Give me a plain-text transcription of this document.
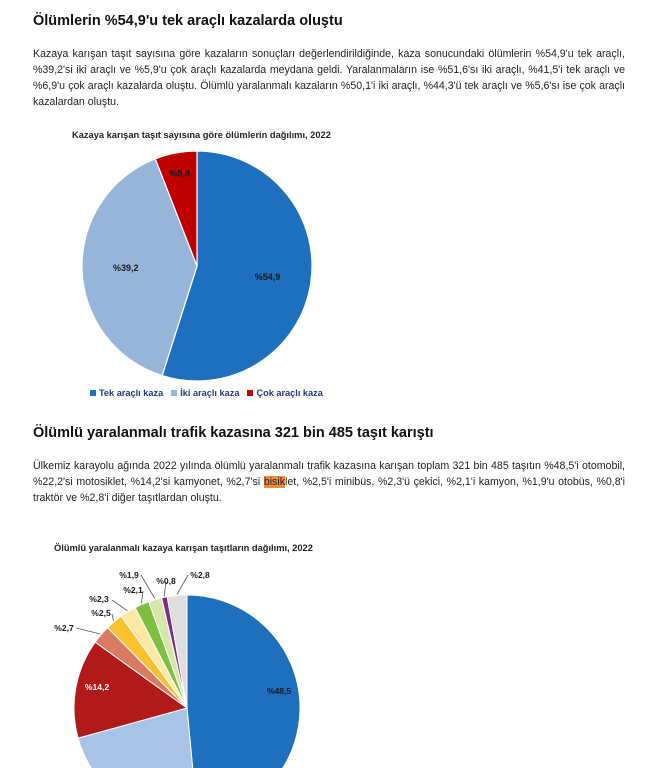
Ölümlerin %54,9'u tek araçlı kazalarda oluştu

Kazaya karışan taşıt sayısına göre kazaların sonuçları değerlendirildiğinde, kaza sonucundaki ölümlerin %54,9'u tek araçlı, %39,2'si iki araçlı ve %5,9'u çok araçlı kazalarda meydana geldi. Yaralanmaların ise %51,6'sı iki araçlı, %41,5'i tek araçlı ve %6,9'u çok araçlı kazalarda oluştu. Ölümlü yaralanmalı kazaların %50,1'i iki araçlı, %44,3'ü tek araçlı ve %5,6'sı ise çok araçlı kazalardan oluştu.

Kazaya karışan taşıt sayısına göre ölümlerin dağılımı, 2022
%54,9
%39,2
%5,9
Tek araçlı kaza İki araçlı kaza Çok araçlı kaza
Ölümlü yaralanmalı trafik kazasına 321 bin 485 taşıt karıştı

Ülkemiz karayolu ağında 2022 yılında ölümlü yaralanmalı trafik kazasına karışan toplam 321 bin 485 taşıtın %48,5'i otomobil, %22,2'si motosiklet, %14,2'si kamyonet, %2,7'si bisiklet, %2,5'i minibüs, %2,3'ü çekici, %2,1'i kamyon, %1,9'u otobüs, %0,8'i traktör ve %2,8'i diğer taşıtlardan oluştu.

Ölümlü yaralanmalı kazaya karışan taşıtların dağılımı, 2022
%48,5
%14,2
%2,7
%2,5
%2,3
%2,1
%1,9
%0,8
%2,8
